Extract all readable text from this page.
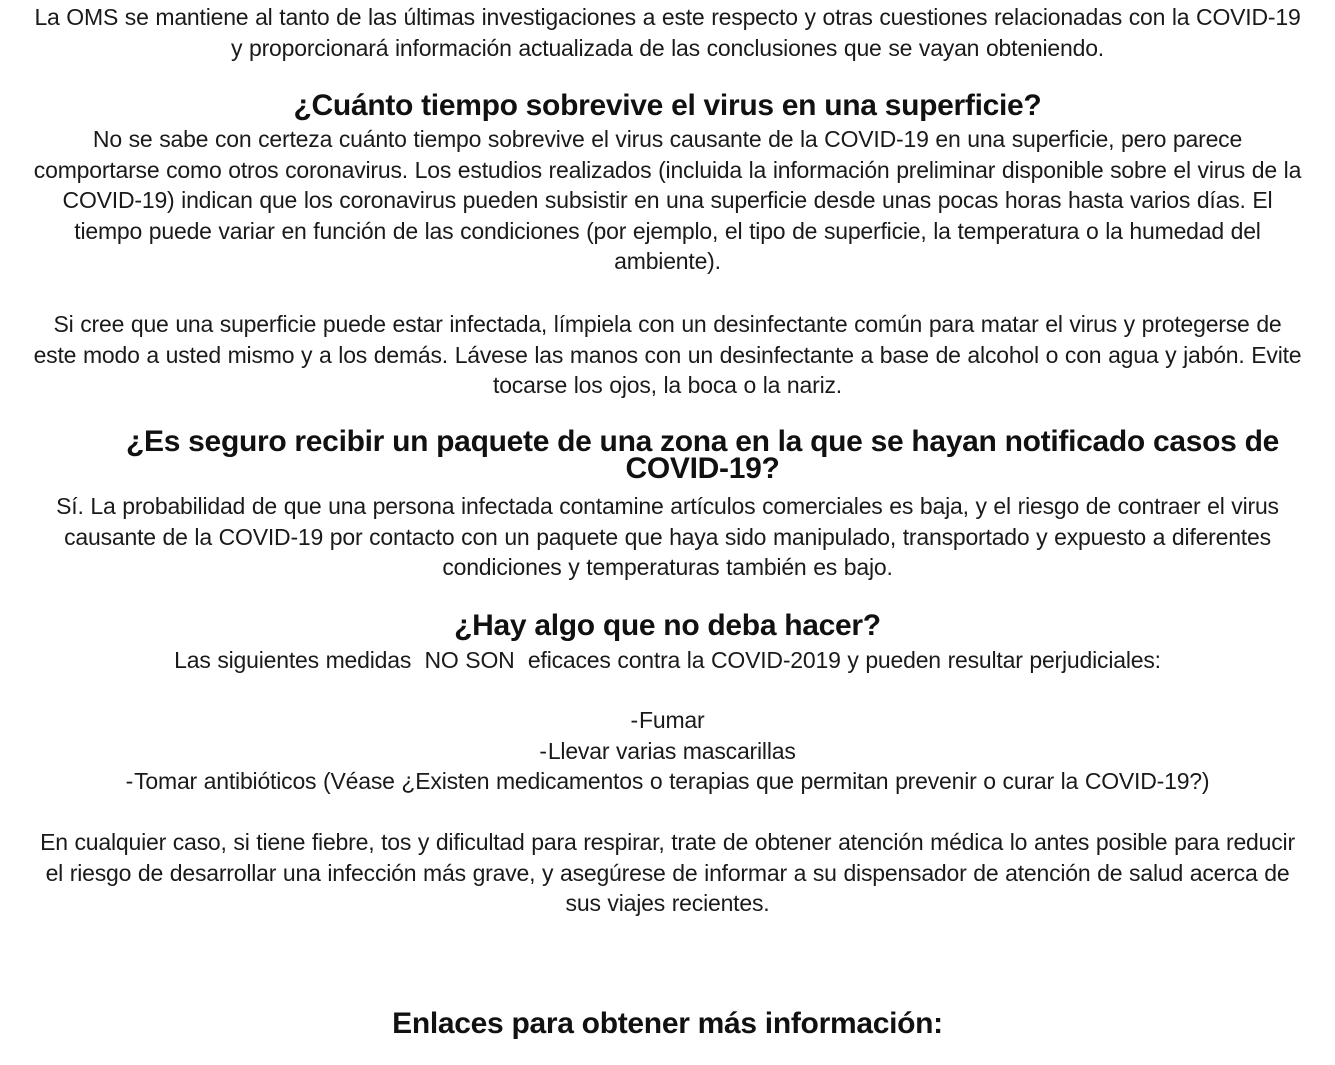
La OMS se mantiene al tanto de las últimas investigaciones a este respecto y otras cuestiones relacionadas con la COVID-19 y proporcionará información actualizada de las conclusiones que se vayan obteniendo.

¿Cuánto tiempo sobrevive el virus en una superficie?

No se sabe con certeza cuánto tiempo sobrevive el virus causante de la COVID-19 en una superficie, pero parece comportarse como otros coronavirus. Los estudios realizados (incluida la información preliminar disponible sobre el virus de la COVID-19) indican que los coronavirus pueden subsistir en una superficie desde unas pocas horas hasta varios días. El tiempo puede variar en función de las condiciones (por ejemplo, el tipo de superficie, la temperatura o la humedad del ambiente).

Si cree que una superficie puede estar infectada, límpiela con un desinfectante común para matar el virus y protegerse de este modo a usted mismo y a los demás. Lávese las manos con un desinfectante a base de alcohol o con agua y jabón. Evite tocarse los ojos, la boca o la nariz.

¿Es seguro recibir un paquete de una zona en la que se hayan notificado casos de COVID-19?

Sí. La probabilidad de que una persona infectada contamine artículos comerciales es baja, y el riesgo de contraer el virus causante de la COVID-19 por contacto con un paquete que haya sido manipulado, transportado y expuesto a diferentes condiciones y temperaturas también es bajo.

¿Hay algo que no deba hacer?

Las siguientes medidas  NO SON  eficaces contra la COVID-2019 y pueden resultar perjudiciales:

-Fumar
-Llevar varias mascarillas
-Tomar antibióticos (Véase ¿Existen medicamentos o terapias que permitan prevenir o curar la COVID-19?)

En cualquier caso, si tiene fiebre, tos y dificultad para respirar, trate de obtener atención médica lo antes posible para reducir el riesgo de desarrollar una infección más grave, y asegúrese de informar a su dispensador de atención de salud acerca de sus viajes recientes.

Enlaces para obtener más información:
